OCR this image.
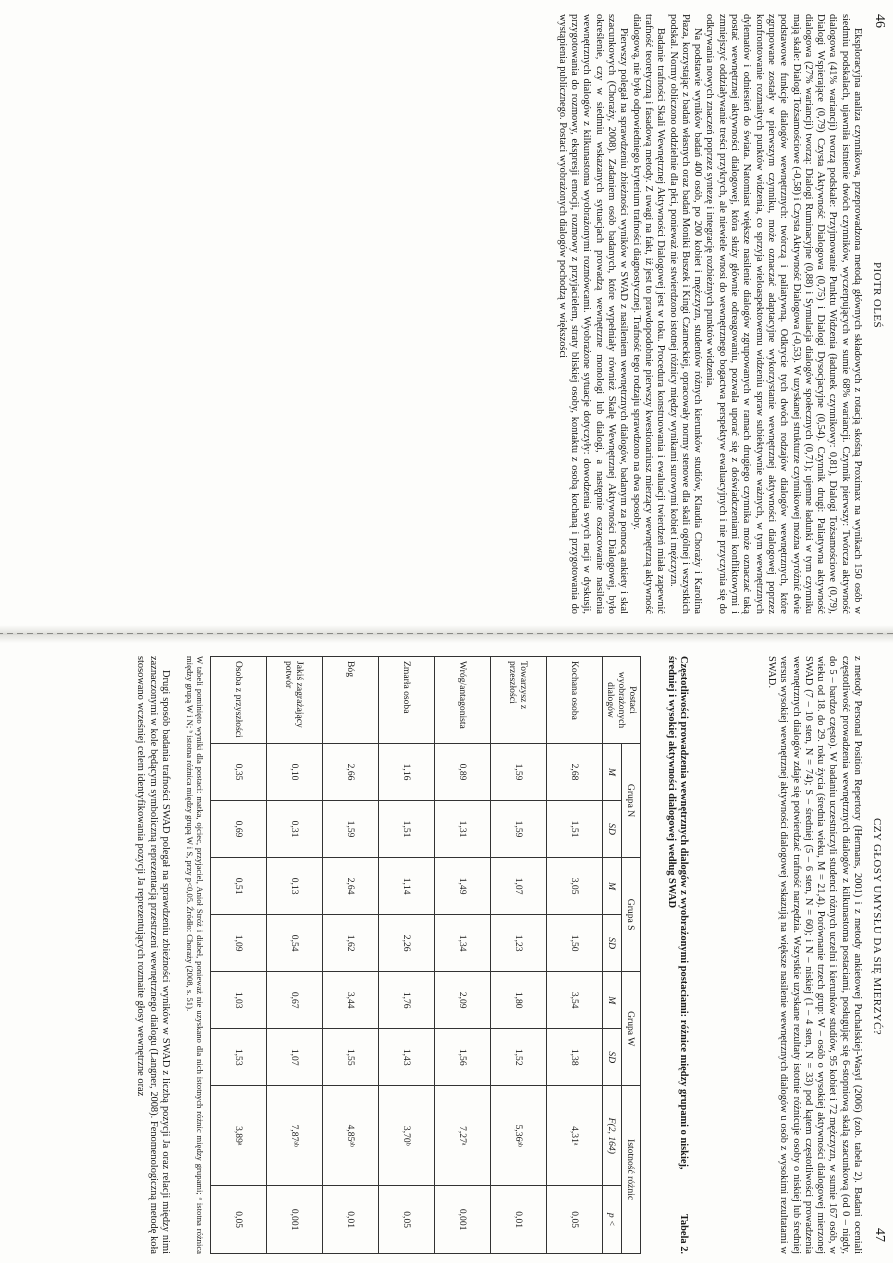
46
PIOTR OLEŚ

Eksploracyjna analiza czynnikowa, przeprowadzona metodą głównych składowych z rotacją skośną Proximax na wynikach 150 osób w siedmiu podskalach, ujawniła istnienie dwóch czynników, wyczerpujących w sumie 68% wariancji. Czynnik pierwszy: Twórcza aktywność dialogowa (41% wariancji) tworzą podskale: Przyjmowanie Punktu Widzenia (ładunek czynnikowy: 0,81), Dialogi Tożsamościowe (0,79), Dialogi Wspierające (0,79) Czysta Aktywność Dialogowa (0,75) i Dialogi Dysocjacyjne (0,54). Czynnik drugi: Paliatywna aktywność dialogowa (27% wariancji) tworzą: Dialogi Ruminacyjne (0,88) i Symulacja dialogów społecznych (0,71); ujemne ładunki w tym czynniku mają skale: Dialogi Tożsamościowe (-0,58) i Czysta Aktywność Dialogowa (-0,53). W uzyskanej strukturze czynnikowej można wyróżnić dwie podstawowe funkcje dialogów wewnętrznych: twórczą i paliatywną. Odkrycie tych dwóch rodzajów dialogów wewnętrznych, które zgrupowane zostały w pierwszym czynniku, może oznaczać adaptacyjne wykorzystanie wewnętrznej aktywności dialogowej poprzez konfrontowanie rozmaitych punktów widzenia, co sprzyja wieloaspektowemu widzeniu spraw subiektywnie ważnych, w tym wewnętrznych dylematów i odniesień do świata. Natomiast większe nasilenie dialogów zgrupowanych w ramach drugiego czynnika może oznaczać taką postać wewnętrznej aktywności dialogowej, która służy głównie odreagowaniu, pozwala uporać się z doświadczeniami konfliktowymi i zmniejszyć oddziaływanie treści przykrych, ale niewiele wnosi do wewnętrznego bogactwa perspektyw ewaluacyjnych i nie przyczynia się do odkrywania nowych znaczeń poprzez syntezę i integrację rozbieżnych punktów widzenia.

Na podstawie wyników badań 400 osób, po 200 kobiet i mężczyzn, studentów różnych kierunków studiów, Klaudia Choraży i Karolina Płaza, korzystając z badań własnych oraz badań Moniki Buszek i Kingi Czarneckiej, opracowały normy stenowe dla skali ogólnej i wszystkich podskal. Normy obliczono oddzielnie dla płci, ponieważ nie stwierdzono istotnej różnicy między wynikami surowymi kobiet i mężczyzn.

Badanie trafności Skali Wewnętrznej Aktywności Dialogowej jest w toku. Procedura konstruowania i ewaluacji twierdzeń miała zapewnić trafność teoretyczną i fasadową metody. Z uwagi na fakt, iż jest to prawdopodobnie pierwszy kwestionariusz mierzący wewnętrzną aktywność dialogową, nie było odpowiedniego kryterium trafności diagnostycznej. Trafność tego rodzaju sprawdzono na dwa sposoby.

Pierwszy polegał na sprawdzeniu zbieżności wyników w SWAD z nasileniem wewnętrznych dialogów, badanym za pomocą ankiety i skal szacunkowych (Choraży, 2008). Zadaniem osób badanych, które wypełniały również Skalę Wewnętrznej Aktywności Dialogowej, było określenie, czy w siedmiu wskazanych sytuacjach prowadzą wewnętrzne monologi lub dialogi, a następnie oszacowanie nasilenia wewnętrznych dialogów z kilkunastoma wyobrażonymi rozmówcami. Wyobrażone sytuacje dotyczyły: dowodzenia swych racji w dyskusji, przygotowania do rozmowy, ekspresji emocji, rozmowy z przyjacielem, straty bliskiej osoby, kontaktu z osobą kochaną i przygotowania do wystąpienia publicznego. Postaci wyobrażonych dialogów pochodzą w większości

CZY GŁOSY UMYSŁU DA SIĘ MIERZYĆ?
47

z metody Personal Position Repertory (Hermans, 2001) i z metody ankietowej Puchalskiej-Wasyl (2006) (zob. tabela 2). Badani oceniali częstotliwość prowadzenia wewnętrznych dialogów z kilkunastoma postaciami, posługując się 6-stopniową skalą szacunkową (od 0 – nigdy, do 5 – bardzo często). W badaniu uczestniczyli studenci różnych uczelni i kierunków studiów, 95 kobiet i 72 mężczyzn, w sumie 167 osób, w wieku od 18. do 29. roku życia (średnia wieku, M = 21,4). Porównanie trzech grup: W – osób o wysokiej aktywności dialogowej mierzonej SWAD (7 – 10 sten, N = 74); S – średniej (5 – 6 sten, N = 60); i N – niskiej (1 – 4 sten, N = 33) pod kątem częstotliwości prowadzenia wewnętrznych dialogów zdaje się potwierdzać trafność narzędzia. Wszystkie uzyskane rezultaty istotnie różnicuje osoby o niskiej lub średniej versus wysokiej wewnętrznej aktywności dialogowej wskazują na większe nasilenie wewnętrznych dialogów u osób z wysokimi rezultatami w SWAD.

Tabela 2.
Częstotliwości prowadzenia wewnętrznych dialogów z wyobrażonymi postaciami: różnice między grupami o niskiej, średniej i wysokiej aktywności dialogowej według SWAD
Postaci wyobrażonych dialogów	Grupa N		Grupa S		Grupa W		Istotność różnic	
	M	SD	M	SD	M	SD	F(2, 164)	p <
Kochana osoba	2,68	1,51	3,05	1,50	3,54	1,38	4,31ᵃ	0,05
Towarzysz z przeszłości	1,59	1,59	1,07	1,23	1,80	1,52	5,36ᵃᵇ	0,01
Wróg/antagonista	0,89	1,31	1,49	1,34	2,09	1,56	7,27ᵃ	0,001
Zmarła osoba	1,16	1,51	1,14	2,26	1,76	1,43	3,70ᵇ	0,05
Bóg	2,66	1,59	2,64	1,62	3,44	1,55	4,85ᵃᵇ	0,01
Jakiś zagrażający potwór	0,10	0,31	0,13	0,54	0,67	1,07	7,87ᵃᵇ	0,001
Osoba z przyszłości	0,35	0,69	0,51	1,09	1,03	1,53	3,89ᵃ	0,05

W tabeli pominięto wyniki dla postaci: matka, ojciec, przyjaciel, Anioł Stróż i diabeł, ponieważ nie uzyskano dla nich istotnych różnic między grupami; ᵃ istotna różnica między grupą W i N; ᵇ istotna różnica między grupą W i S, przy p<0,05. Źródło: Choraży (2008, s. 51).

Drugi sposób badania trafności SWAD polegał na sprawdzeniu zbieżności wyników w SWAD z liczbą pozycji Ja oraz relacji między nimi zaznaczonymi w kole będącym symboliczną reprezentacją przestrzeni wewnętrznego dialogu (Langner, 2008). Fenomenologiczną metodę koła stosowano wcześniej celem identyfikowania pozycji Ja reprezentujących rozmaite głosy wewnętrzne oraz
